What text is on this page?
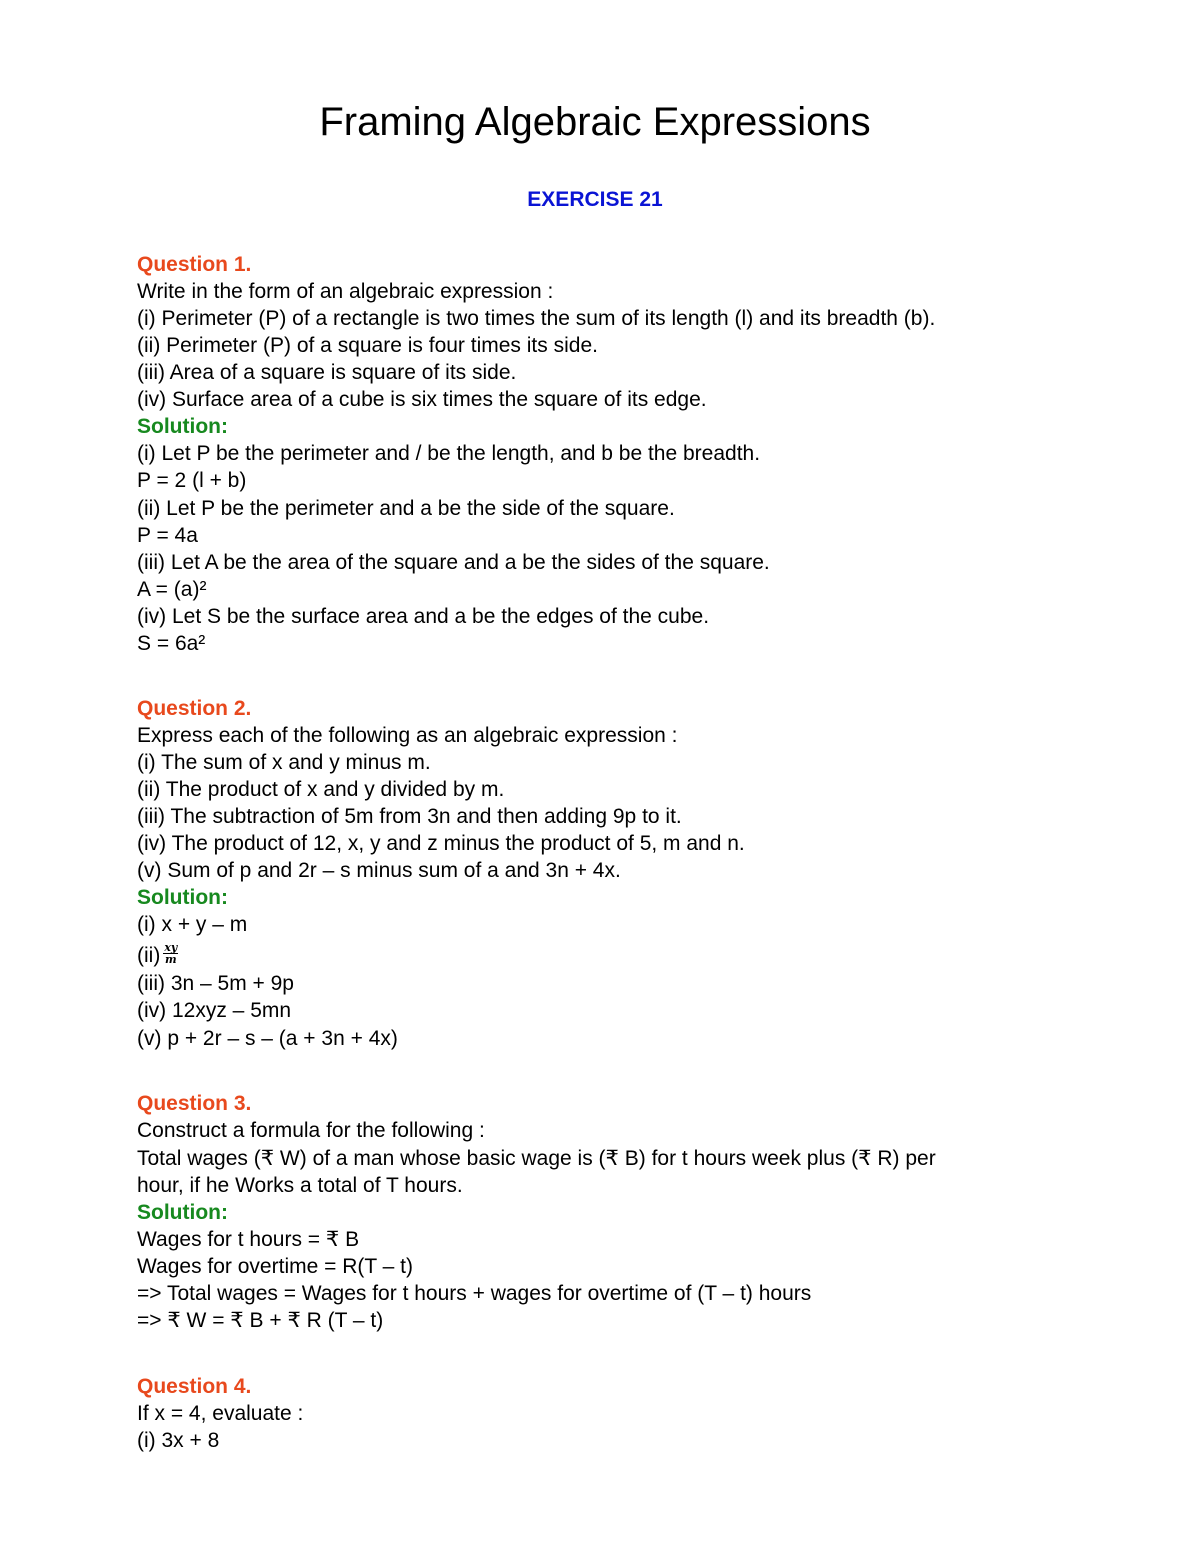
Framing Algebraic Expressions
EXERCISE 21
Question 1.
Write in the form of an algebraic expression :
(i) Perimeter (P) of a rectangle is two times the sum of its length (l) and its breadth (b).
(ii) Perimeter (P) of a square is four times its side.
(iii) Area of a square is square of its side.
(iv) Surface area of a cube is six times the square of its edge.
Solution:
(i) Let P be the perimeter and / be the length, and b be the breadth.
P = 2 (l + b)
(ii) Let P be the perimeter and a be the side of the square.
P = 4a
(iii) Let A be the area of the square and a be the sides of the square.
A = (a)²
(iv) Let S be the surface area and a be the edges of the cube.
S = 6a²
Question 2.
Express each of the following as an algebraic expression :
(i) The sum of x and y minus m.
(ii) The product of x and y divided by m.
(iii) The subtraction of 5m from 3n and then adding 9p to it.
(iv) The product of 12, x, y and z minus the product of 5, m and n.
(v) Sum of p and 2r – s minus sum of a and 3n + 4x.
Solution:
(i) x + y – m
$(ii) \frac{xy}{m}$
(iii) 3n – 5m + 9p
(iv) 12xyz – 5mn
(v) p + 2r – s – (a + 3n + 4x)
Question 3.
Construct a formula for the following :
Total wages (₹ W) of a man whose basic wage is (₹ B) for t hours week plus (₹ R) per
hour, if he Works a total of T hours.
Solution:
Wages for t hours = ₹ B
Wages for overtime = R(T – t)
=> Total wages = Wages for t hours + wages for overtime of (T – t) hours
=> ₹ W = ₹ B + ₹ R (T – t)
Question 4.
If x = 4, evaluate :
(i) 3x + 8
